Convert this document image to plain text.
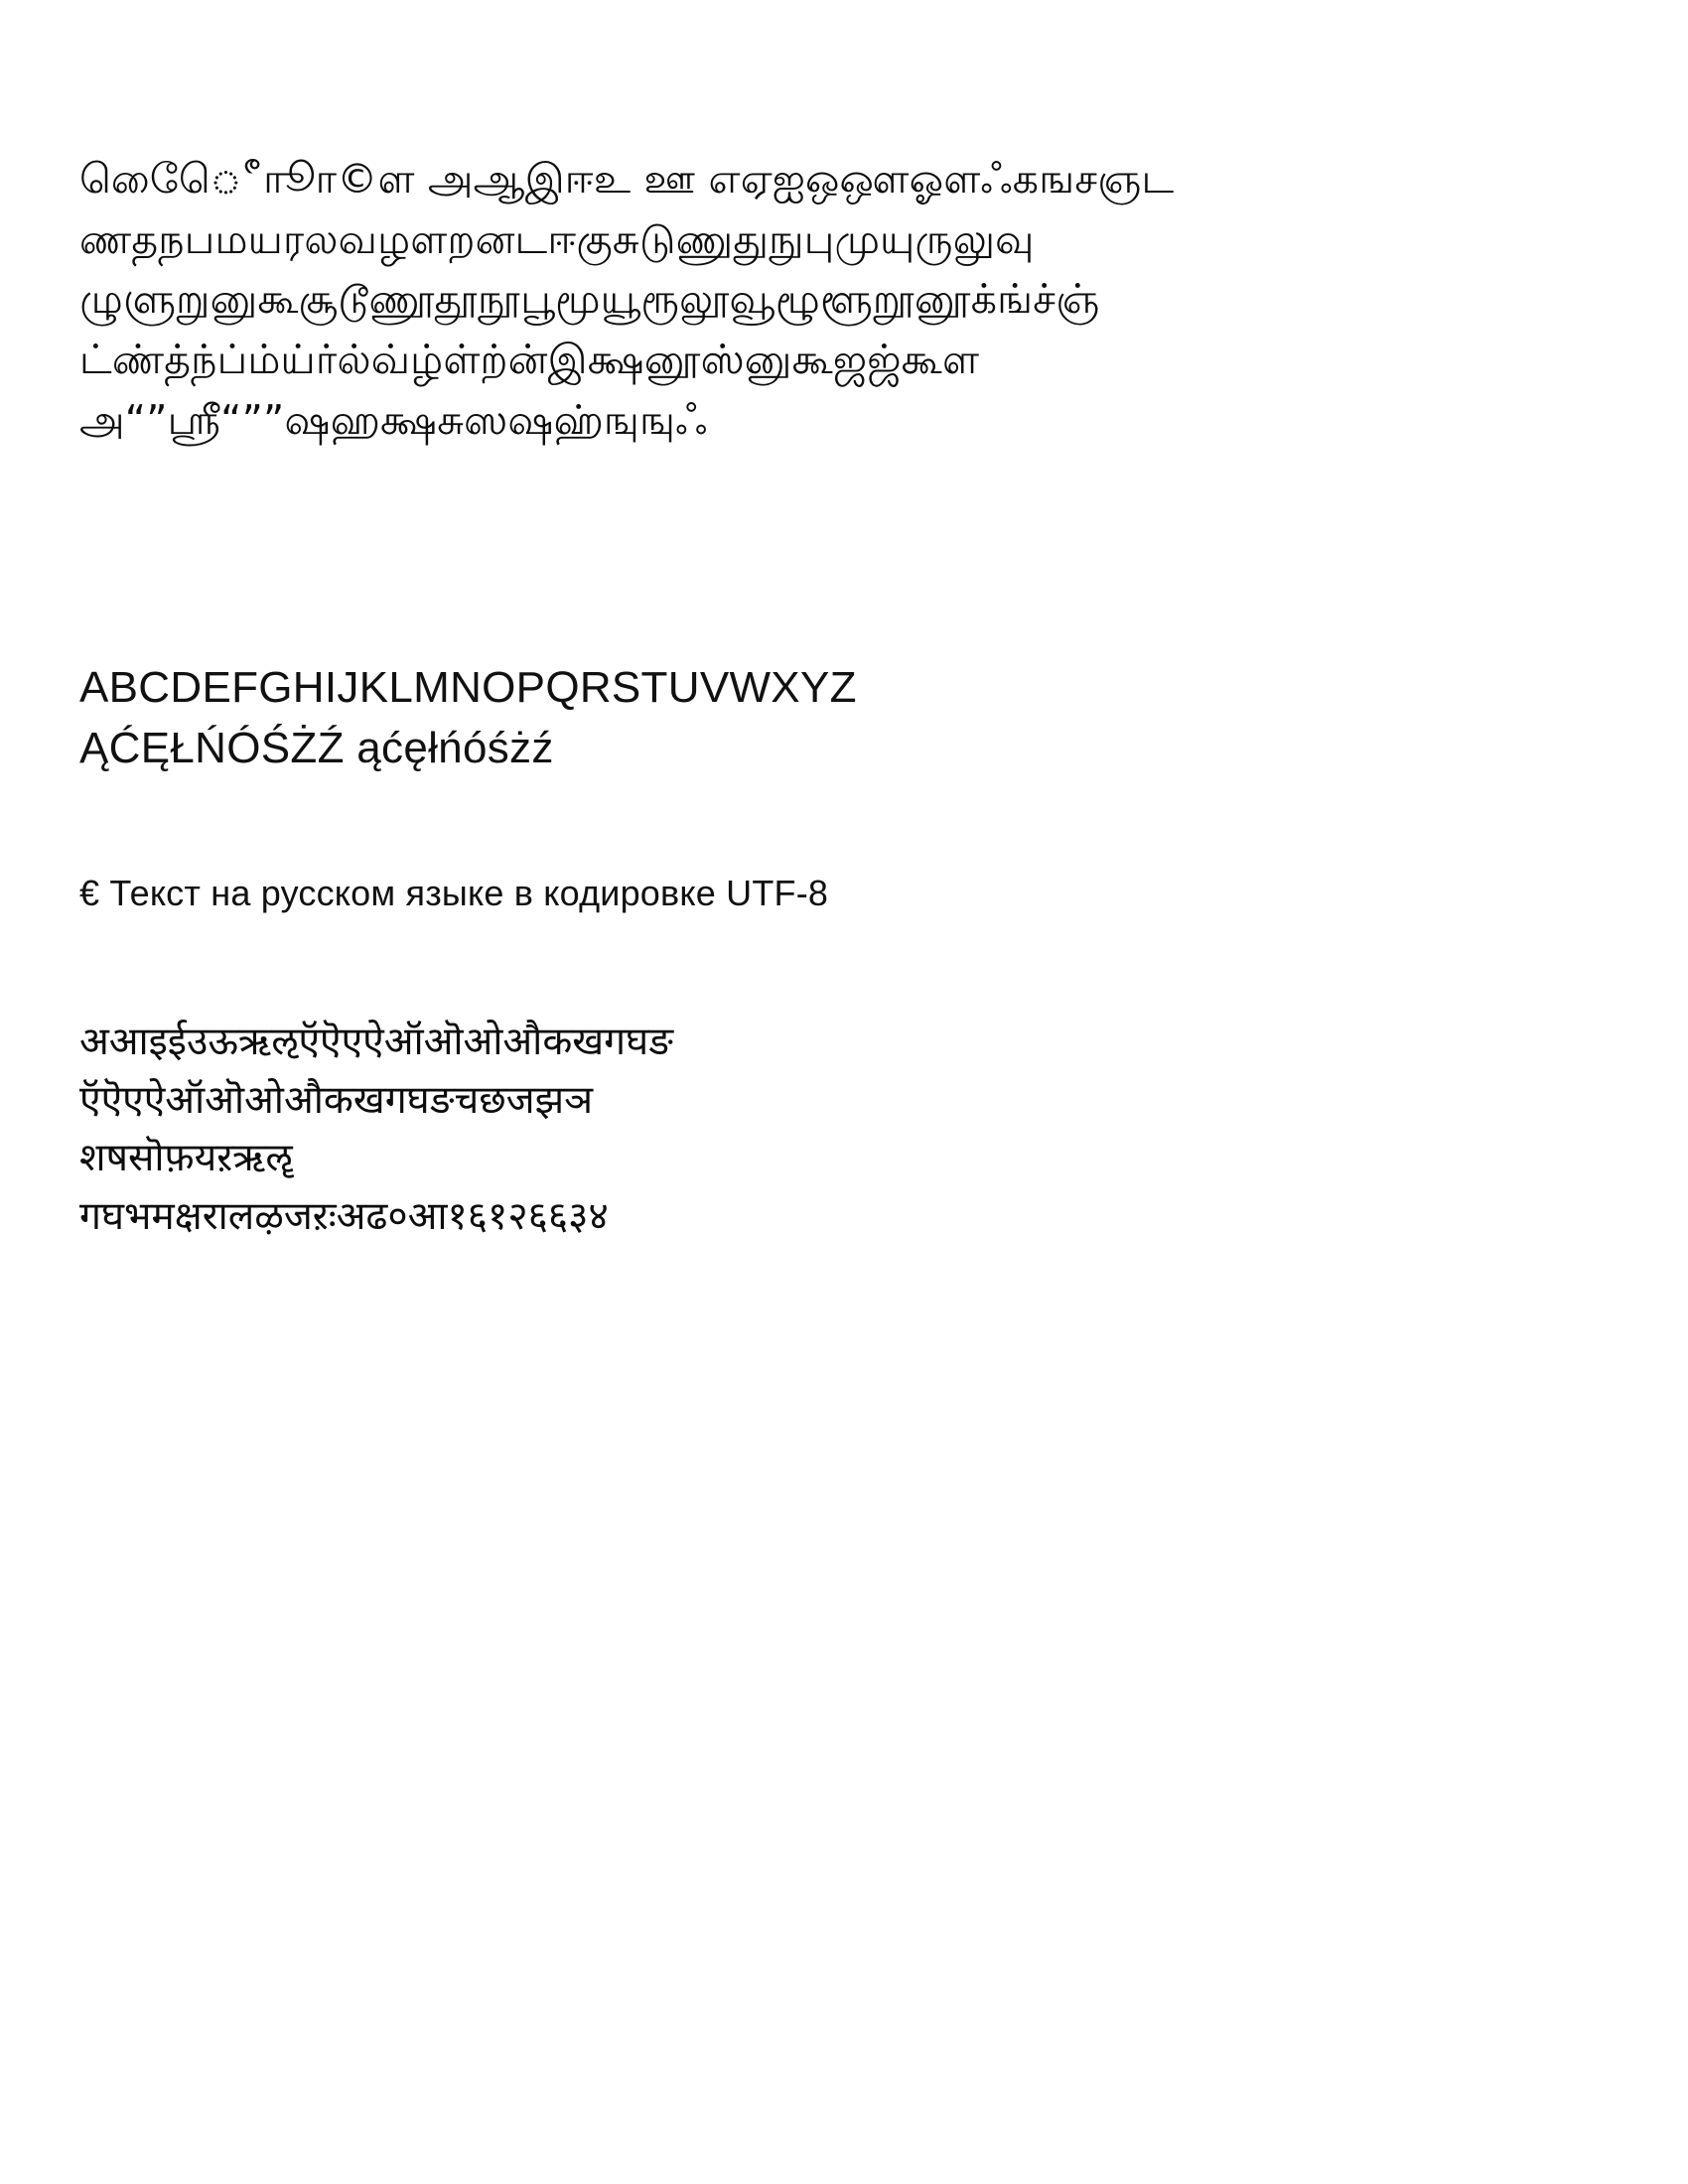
ாீூெேைொ©ள அஆஇஈஉ ஊ எஏஐஒஔஓளஃகஙசஞட ணதநபமயரலவழளறனடஈகுசுடுணுதுநுபுமுயுருலுவு ழுளுறுனுகூசூடூணூதூநூபூமூயூரூலூவூழூளூறூனூக்ங்ச்ஞ் ட்ண்த்ந்ப்ம்ய்ர்ல்வ்ழ்ள்ற்ன்இக்ஷனூஸ்னுகூஜஜ்கூள அ“”ஸ்ரீ“””ஷஹக்ஷசுஸஷஹ்ஙுஙுஃ

ABCDEFGHIJKLMNOPQRSTUVWXYZ
ĄĆĘŁŃÓŚŻŹ ąćęłńóśżź
€ Текст на русском языке в кодировке UTF-8
अआइईउऊऋऌऍऎएऐऑऒओऔकखगघङ
ऍऎएऐऑऒओऔकखगघङचछजझञ
शषसॊफ़यऱऋॡ
गघभमक्षरालऴजऱःअढ०आ१६१२६६३४
